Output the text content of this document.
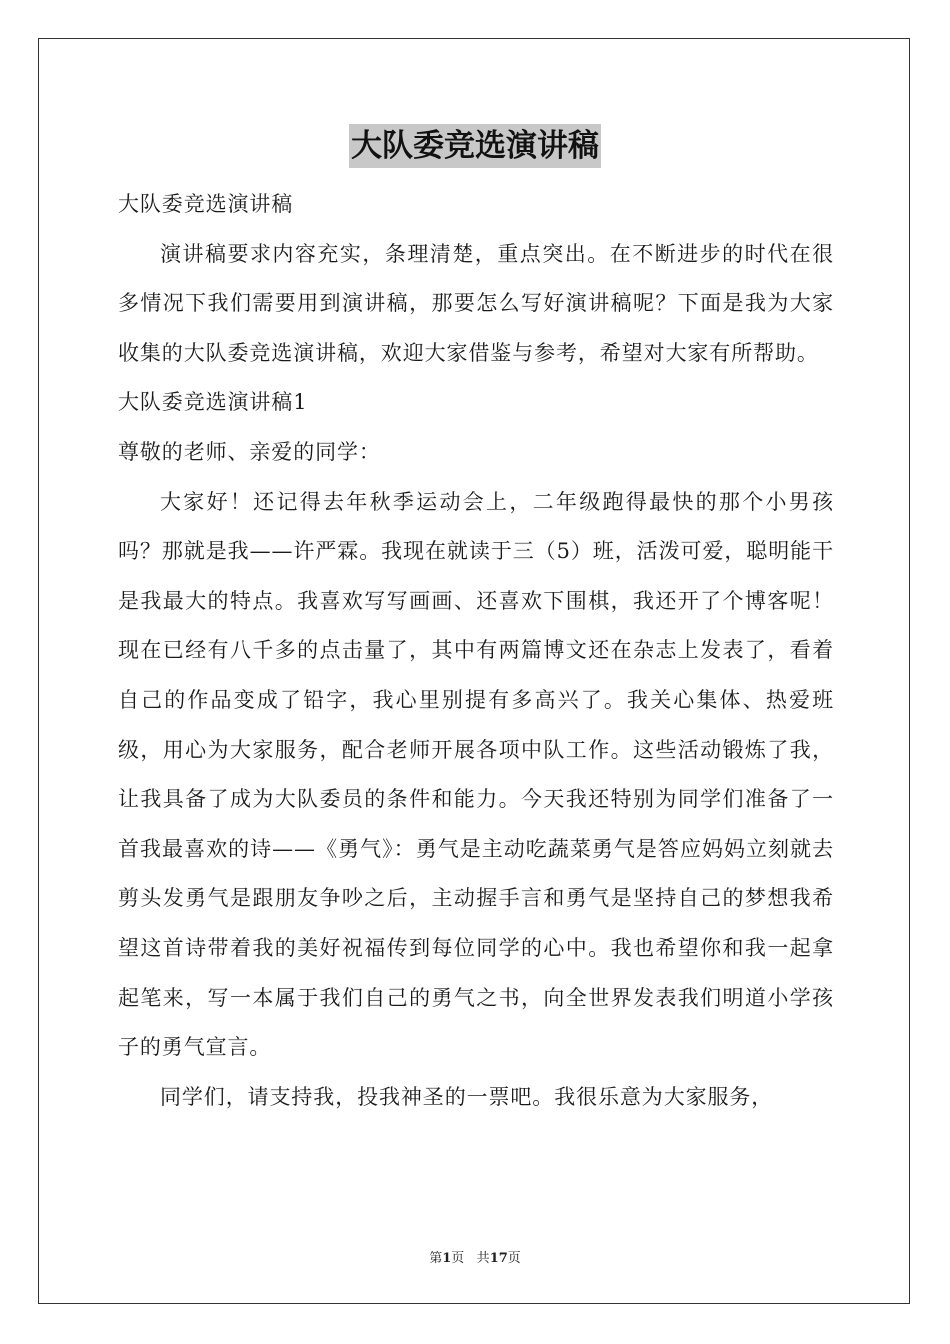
大队委竞选演讲稿

大队委竞选演讲稿

演讲稿要求内容充实，条理清楚，重点突出。在不断进步的时代在很多情况下我们需要用到演讲稿，那要怎么写好演讲稿呢？下面是我为大家收集的大队委竞选演讲稿，欢迎大家借鉴与参考，希望对大家有所帮助。

大队委竞选演讲稿1

尊敬的老师、亲爱的同学：

大家好！还记得去年秋季运动会上，二年级跑得最快的那个小男孩吗？那就是我——许严霖。我现在就读于三（5）班，活泼可爱，聪明能干是我最大的特点。我喜欢写写画画、还喜欢下围棋，我还开了个博客呢！现在已经有八千多的点击量了，其中有两篇博文还在杂志上发表了，看着自己的作品变成了铅字，我心里别提有多高兴了。我关心集体、热爱班级，用心为大家服务，配合老师开展各项中队工作。这些活动锻炼了我，让我具备了成为大队委员的条件和能力。今天我还特别为同学们准备了一首我最喜欢的诗——《勇气》：勇气是主动吃蔬菜勇气是答应妈妈立刻就去剪头发勇气是跟朋友争吵之后，主动握手言和勇气是坚持自己的梦想我希望这首诗带着我的美好祝福传到每位同学的心中。我也希望你和我一起拿起笔来，写一本属于我们自己的勇气之书，向全世界发表我们明道小学孩子的勇气宣言。

同学们，请支持我，投我神圣的一票吧。我很乐意为大家服务，

第1页 共17页
